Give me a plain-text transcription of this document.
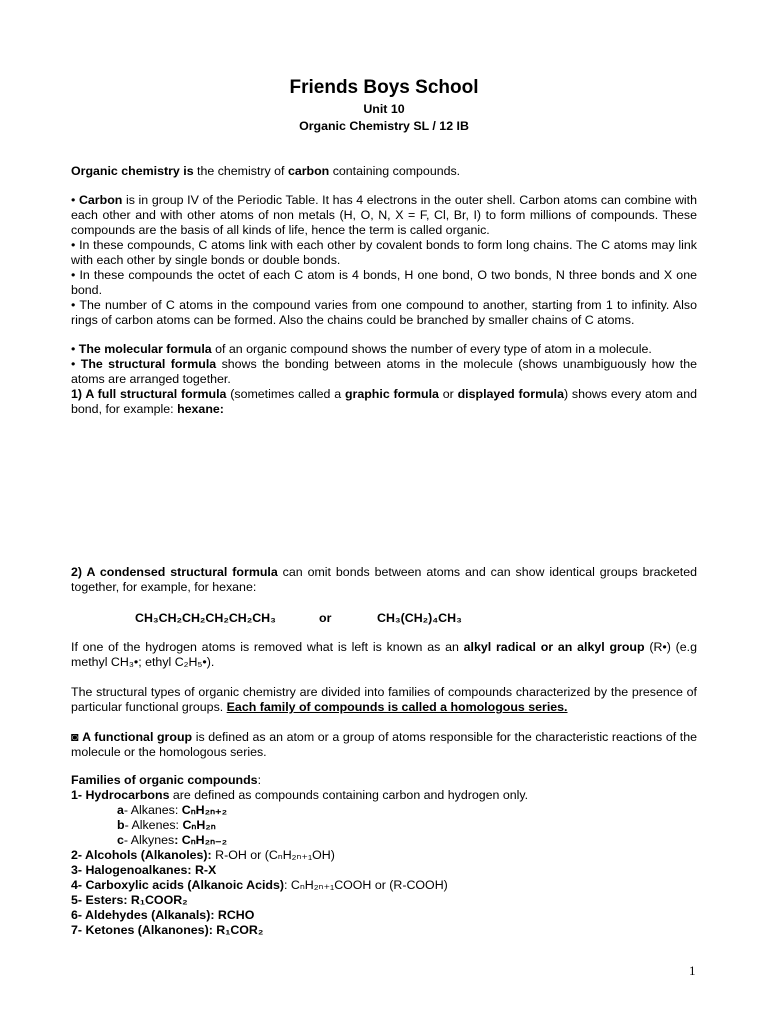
Friends Boys School
Unit 10
Organic Chemistry SL / 12 IB
Organic chemistry is the chemistry of carbon containing compounds.
• Carbon is in group IV of the Periodic Table. It has 4 electrons in the outer shell. Carbon atoms can combine with each other and with other atoms of non metals (H, O, N, X = F, Cl, Br, I) to form millions of compounds. These compounds are the basis of all kinds of life, hence the term is called organic.
• In these compounds, C atoms link with each other by covalent bonds to form long chains. The C atoms may link with each other by single bonds or double bonds.
• In these compounds the octet of each C atom is 4 bonds, H one bond, O two bonds, N three bonds and X one bond.
• The number of C atoms in the compound varies from one compound to another, starting from 1 to infinity. Also rings of carbon atoms can be formed. Also the chains could be branched by smaller chains of C atoms.
• The molecular formula of an organic compound shows the number of every type of atom in a molecule.
• The structural formula shows the bonding between atoms in the molecule (shows unambiguously how the atoms are arranged together.
1) A full structural formula (sometimes called a graphic formula or displayed formula) shows every atom and bond, for example: hexane:
2) A condensed structural formula can omit bonds between atoms and can show identical groups bracketed together, for example, for hexane:
CH₃CH₂CH₂CH₂CH₂CH₃	or	CH₃(CH₂)₄CH₃
If one of the hydrogen atoms is removed what is left is known as an alkyl radical or an alkyl group (R•) (e.g methyl CH₃•; ethyl C₂H₅•).
The structural types of organic chemistry are divided into families of compounds characterized by the presence of particular functional groups. Each family of compounds is called a homologous series.
◙ A functional group is defined as an atom or a group of atoms responsible for the characteristic reactions of the molecule or the homologous series.
Families of organic compounds:
1- Hydrocarbons are defined as compounds containing carbon and hydrogen only.
a- Alkanes: CₙH₂ₙ₊₂
b- Alkenes: CₙH₂ₙ
c- Alkynes: CₙH₂ₙ₋₂
2- Alcohols (Alkanoles): R-OH or (CₙH₂ₙ₊₁OH)
3- Halogenoalkanes: R-X
4- Carboxylic acids (Alkanoic Acids): CₙH₂ₙ₊₁COOH or (R-COOH)
5- Esters: R₁COOR₂
6- Aldehydes (Alkanals): RCHO
7- Ketones (Alkanones): R₁COR₂
1
